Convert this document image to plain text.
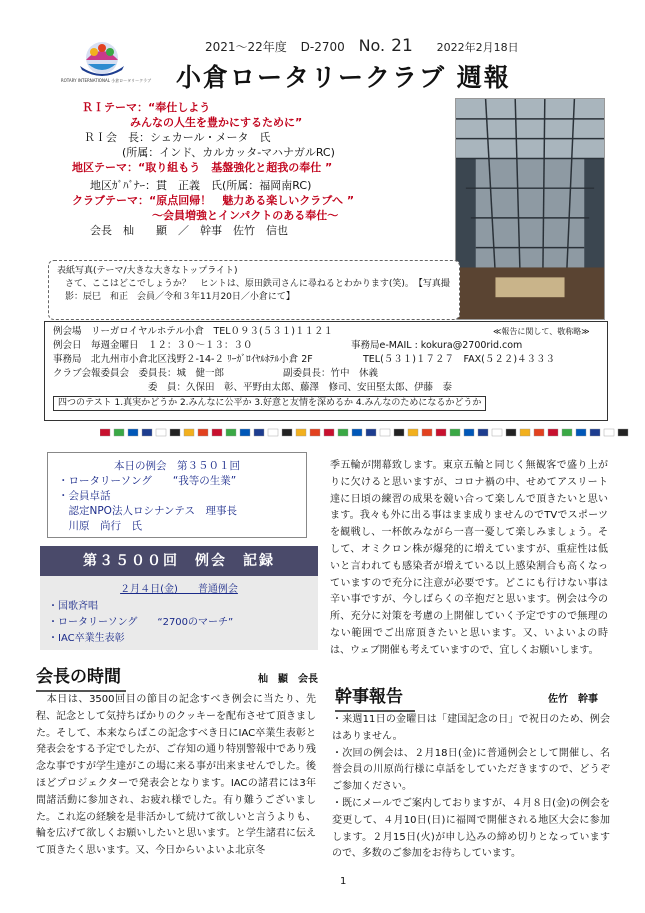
ROTARY INTERNATIONAL 小倉ロータリークラブ
2021～22年度 D-2700 No. 21 2022年2月18日
小倉ロータリークラブ 週報
ＲＩテーマ：“奉仕しよう
みんなの人生を豊かにするために”
ＲＩ会　長：シェカール・メータ　氏
(所属：インド、カルカッタ-マハナガルRC)
地区テーマ：“取り組もう　基盤強化と超我の奉仕 ”
地区ｶﾞﾊﾞﾅｰ：貫　正義　氏(所属：福岡南RC)
クラブテーマ：“原点回帰！　魅力ある楽しいクラブへ ”
～会員増強とインパクトのある奉仕～
会長　杣　　顯　／　幹事　佐竹　信也
表紙写真(テーマ/大きな大きなトップライト)
さて、ここはどこでしょうか？　ヒントは、原田鉄司さんに尋ねるとわかります(笑)。　【写真撮影：辰巳　和正　会員／令和３年11月20日／小倉にて】
例会場　リーガロイヤルホテル小倉　TEL０９３(５３１)１１２１	≪報告に関して、敬称略≫
例会日　毎週金曜日　１２：３０～１３：３０	事務局e-MAIL : kokura@2700rid.com
事務局　北九州市小倉北区浅野２-14-２ ﾘｰｶﾞﾛｲﾔﾙﾎﾃﾙ小倉 2F	TEL(５３１)１７２７　FAX(５２２)４３３３
クラブ会報委員会　委員長：城　健一郎	副委員長：竹中　休義
委　員：久保田　彰、平野由太郎、藤澤　修司、安田堅太郎、伊藤　泰
四つのテスト 1.真実かどうか 2.みんなに公平か 3.好意と友情を深めるか 4.みんなのためになるかどうか
本日の例会　第３５０１回
・ロータリーソング　　“我等の生業”
・会員卓話
　認定NPO法人ロシナンテス　理事長
　川原　尚行　氏
第３５００回　例会　記録
２月４日(金)　　普通例会
・国歌斉唱
・ロータリーソング　　“2700のマーチ”
・IAC卒業生表彰
会長の時間	杣　顯　会長
　本日は、3500回目の節目の記念すべき例会に当たり、先程、記念として気持ちばかりのクッキーを配布させて頂きました。そして、本来ならばこの記念すべき日にIAC卒業生表彰と発表会をする予定でしたが、ご存知の通り特別警報中であり残念な事ですが学生達がこの場に来る事が出来ませんでした。後ほどプロジェクターで発表会となります。IACの諸君には3年間諸活動に参加され、お疲れ様でした。有り難うございました。これ迄の経験を是非活かして続けて欲しいと言うよりも、輪を広げて欲しくお願いしたいと思います。と学生諸君に伝えて頂きたく思います。又、今日からいよいよ北京冬
季五輪が開幕致します。東京五輪と同じく無観客で盛り上がりに欠けると思いますが、コロナ禍の中、せめてアスリート達に日頃の練習の成果を競い合って楽しんで頂きたいと思います。我々も外に出る事はまま成りませんのでTVでスポーツを観戦し、一杯飲みながら一喜一憂して楽しみましょう。そして、オミクロン株が爆発的に増えていますが、重症性は低いと言われても感染者が増えている以上感染割合も高くなっていますので充分に注意が必要です。どこにも行けない事は辛い事ですが、今しばらくの辛抱だと思います。例会は今の所、充分に対策を考慮の上開催していく予定ですので無理のない範囲でご出席頂きたいと思います。又、いよいよの時は、ウェブ開催も考えていますので、宜しくお願いします。
幹事報告	佐竹　幹事
・来週11日の金曜日は「建国記念の日」で祝日のため、例会はありません。
・次回の例会は、２月18日(金)に普通例会として開催し、名誉会員の川原尚行様に卓話をしていただきますので、どうぞご参加ください。
・既にメールでご案内しておりますが、４月８日(金)の例会を変更して、４月10日(日)に福岡で開催される地区大会に参加します。２月15日(火)が申し込みの締め切りとなっていますので、多数のご参加をお待ちしています。
1
